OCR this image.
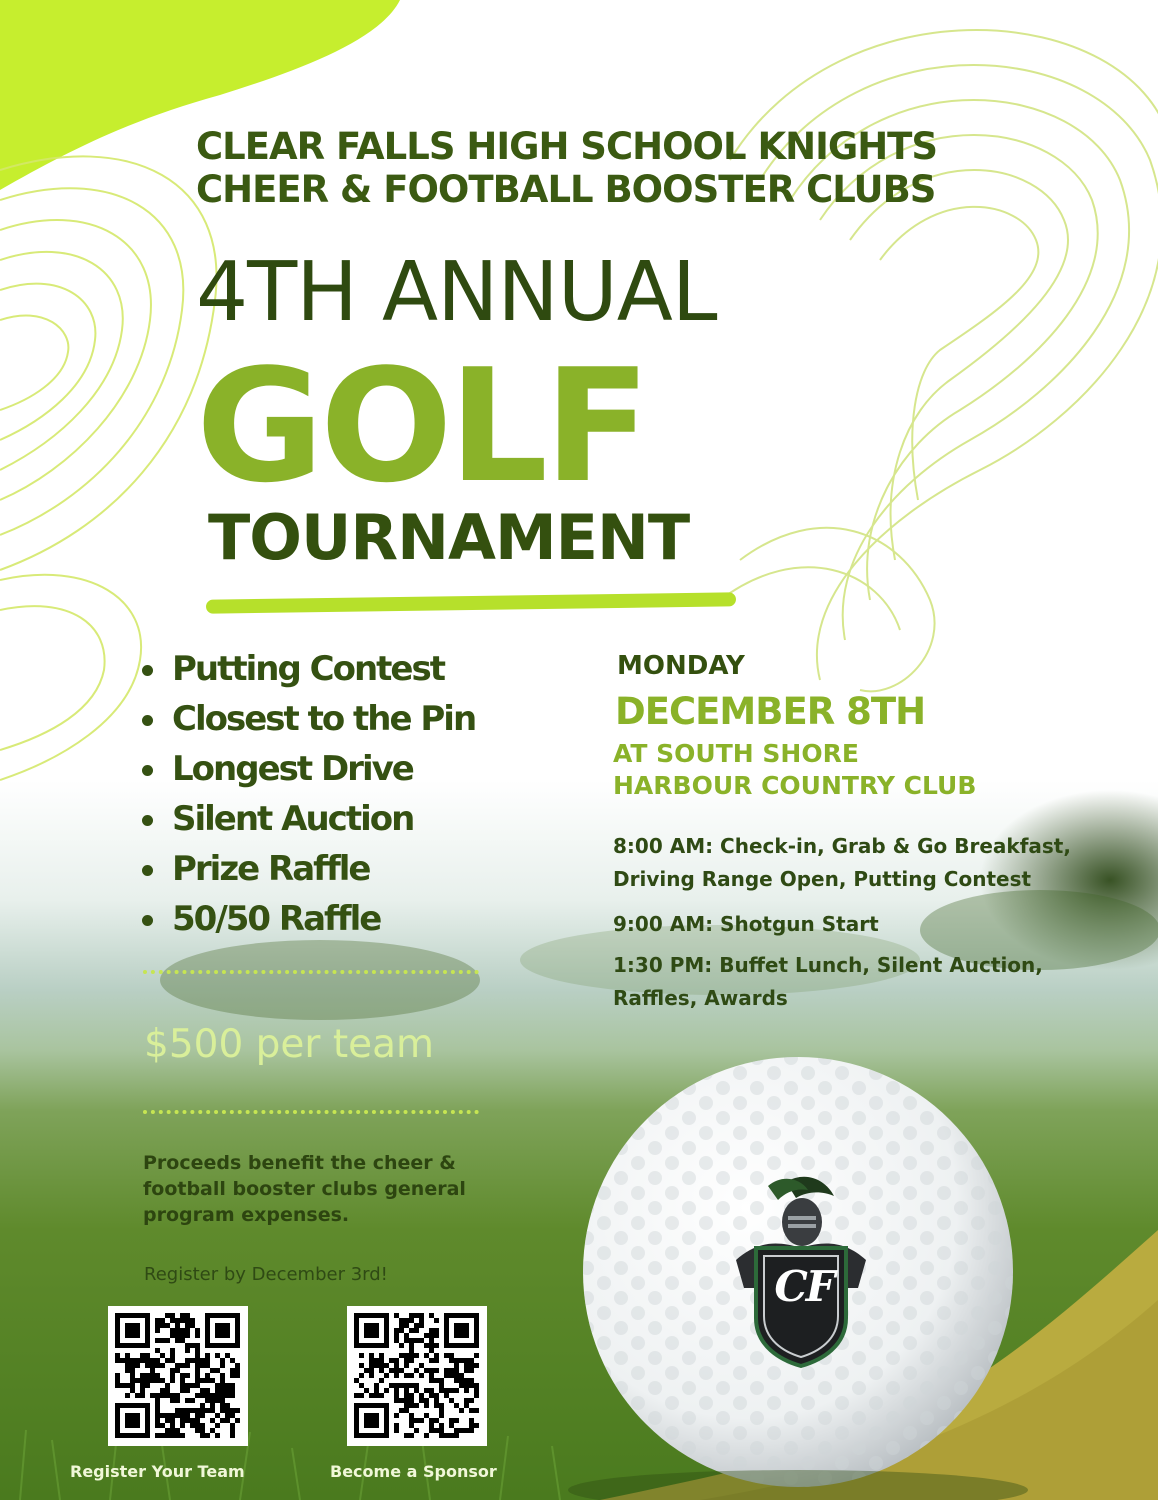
CF
CLEAR FALLS HIGH SCHOOL KNIGHTS
CHEER & FOOTBALL BOOSTER CLUBS
4TH ANNUAL
GOLF
TOURNAMENT
Putting Contest
Closest to the Pin
Longest Drive
Silent Auction
Prize Raffle
50/50 Raffle
$500 per team
Proceeds benefit the cheer & football booster clubs general program expenses.
Register by December 3rd!
Register Your Team	Become a Sponsor
MONDAY
DECEMBER 8TH
AT SOUTH SHORE
HARBOUR COUNTRY CLUB

8:00 AM: Check-in, Grab & Go Breakfast, Driving Range Open, Putting Contest

9:00 AM: Shotgun Start

1:30 PM: Buffet Lunch, Silent Auction, Raffles, Awards
